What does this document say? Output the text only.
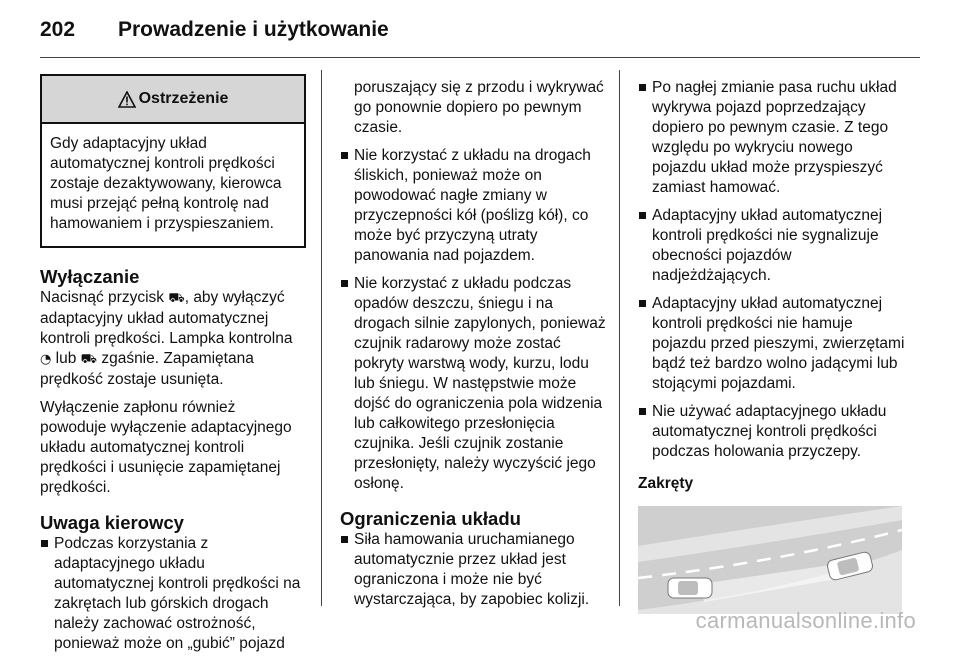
202 Prowadzenie i użytkowanie
Ostrzeżenie
Gdy adaptacyjny układ automatycznej kontroli prędkości zostaje dezaktywowany, kierowca musi przejąć pełną kontrolę nad hamowaniem i przyspieszaniem.
Wyłączanie

Nacisnąć przycisk ⛟, aby wyłączyć adaptacyjny układ automatycznej kontroli prędkości. Lampka kontrolna ◔ lub ⛟ zgaśnie. Zapamiętana prędkość zostaje usunięta.

Wyłączenie zapłonu również powoduje wyłączenie adaptacyjnego układu automatycznej kontroli prędkości i usunięcie zapamiętanej prędkości.

Uwaga kierowcy
Podczas korzystania z adaptacyjnego układu automatycznej kontroli prędkości na zakrętach lub górskich drogach należy zachować ostrożność, ponieważ może on „gubić” pojazd
poruszający się z przodu i wykrywać go ponownie dopiero po pewnym czasie.
Nie korzystać z układu na drogach śliskich, ponieważ może on powodować nagłe zmiany w przyczepności kół (poślizg kół), co może być przyczyną utraty panowania nad pojazdem.
Nie korzystać z układu podczas opadów deszczu, śniegu i na drogach silnie zapylonych, ponieważ czujnik radarowy może zostać pokryty warstwą wody, kurzu, lodu lub śniegu. W następstwie może dojść do ograniczenia pola widzenia lub całkowitego przesłonięcia czujnika. Jeśli czujnik zostanie przesłonięty, należy wyczyścić jego osłonę.
Ograniczenia układu
Siła hamowania uruchamianego automatycznie przez układ jest ograniczona i może nie być wystarczająca, by zapobiec kolizji.
Po nagłej zmianie pasa ruchu układ wykrywa pojazd poprzedzający dopiero po pewnym czasie. Z tego względu po wykryciu nowego pojazdu układ może przyspieszyć zamiast hamować.
Adaptacyjny układ automatycznej kontroli prędkości nie sygnalizuje obecności pojazdów nadjeżdżających.
Adaptacyjny układ automatycznej kontroli prędkości nie hamuje pojazdu przed pieszymi, zwierzętami bądź też bardzo wolno jadącymi lub stojącymi pojazdami.
Nie używać adaptacyjnego układu automatycznej kontroli prędkości podczas holowania przyczepy.
Zakręty
carmanualsonline.info
